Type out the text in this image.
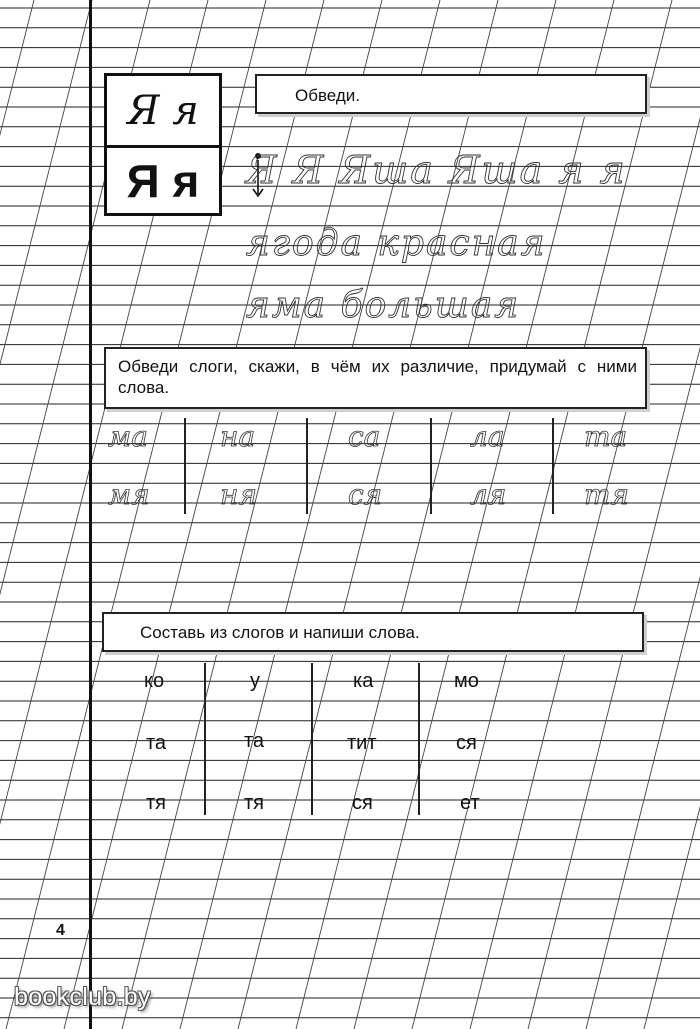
Я я
Я я
Обведи.
Я Я Яша Яша я я
ягода красная
яма большая
Обведи слоги, скажи, в чём их различие, придумай с ними слова.
ма	на	са	ла	та
мя	ня	ся	ля	тя
Составь из слогов и напиши слова.
ко	у	ка	мо
та	та	тит	ся
тя	тя	ся	ет
4
bookclub.by
